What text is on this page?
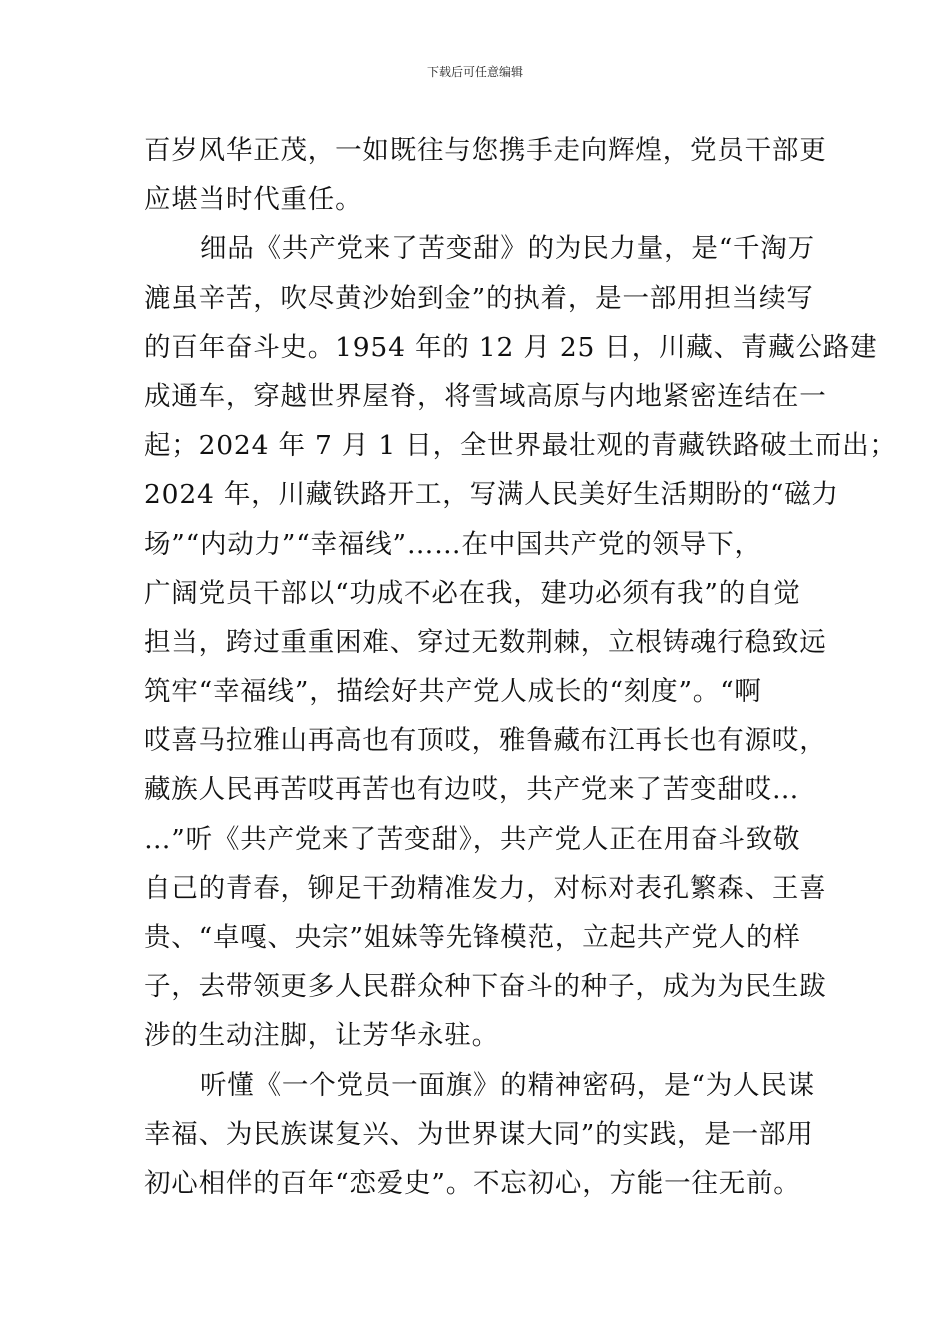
下载后可任意编辑
百岁风华正茂，一如既往与您携手走向辉煌，党员干部更
应堪当时代重任。
细品《共产党来了苦变甜》的为民力量，是“千淘万
漉虽辛苦，吹尽黄沙始到金”的执着，是一部用担当续写
的百年奋斗史。1954 年的 12 月 25 日，川藏、青藏公路建
成通车，穿越世界屋脊，将雪域高原与内地紧密连结在一
起；2024 年 7 月 1 日，全世界最壮观的青藏铁路破土而出；
2024 年，川藏铁路开工，写满人民美好生活期盼的“磁力
场”“内动力”“幸福线”……在中国共产党的领导下，
广阔党员干部以“功成不必在我，建功必须有我”的自觉
担当，跨过重重困难、穿过无数荆棘，立根铸魂行稳致远
筑牢“幸福线”，描绘好共产党人成长的“刻度”。“啊
哎喜马拉雅山再高也有顶哎，雅鲁藏布江再长也有源哎，
藏族人民再苦哎再苦也有边哎，共产党来了苦变甜哎…
…”听《共产党来了苦变甜》，共产党人正在用奋斗致敬
自己的青春，铆足干劲精准发力，对标对表孔繁森、王喜
贵、“卓嘎、央宗”姐妹等先锋模范，立起共产党人的样
子，去带领更多人民群众种下奋斗的种子，成为为民生跋
涉的生动注脚，让芳华永驻。
听懂《一个党员一面旗》的精神密码，是“为人民谋
幸福、为民族谋复兴、为世界谋大同”的实践，是一部用
初心相伴的百年“恋爱史”。不忘初心，方能一往无前。
